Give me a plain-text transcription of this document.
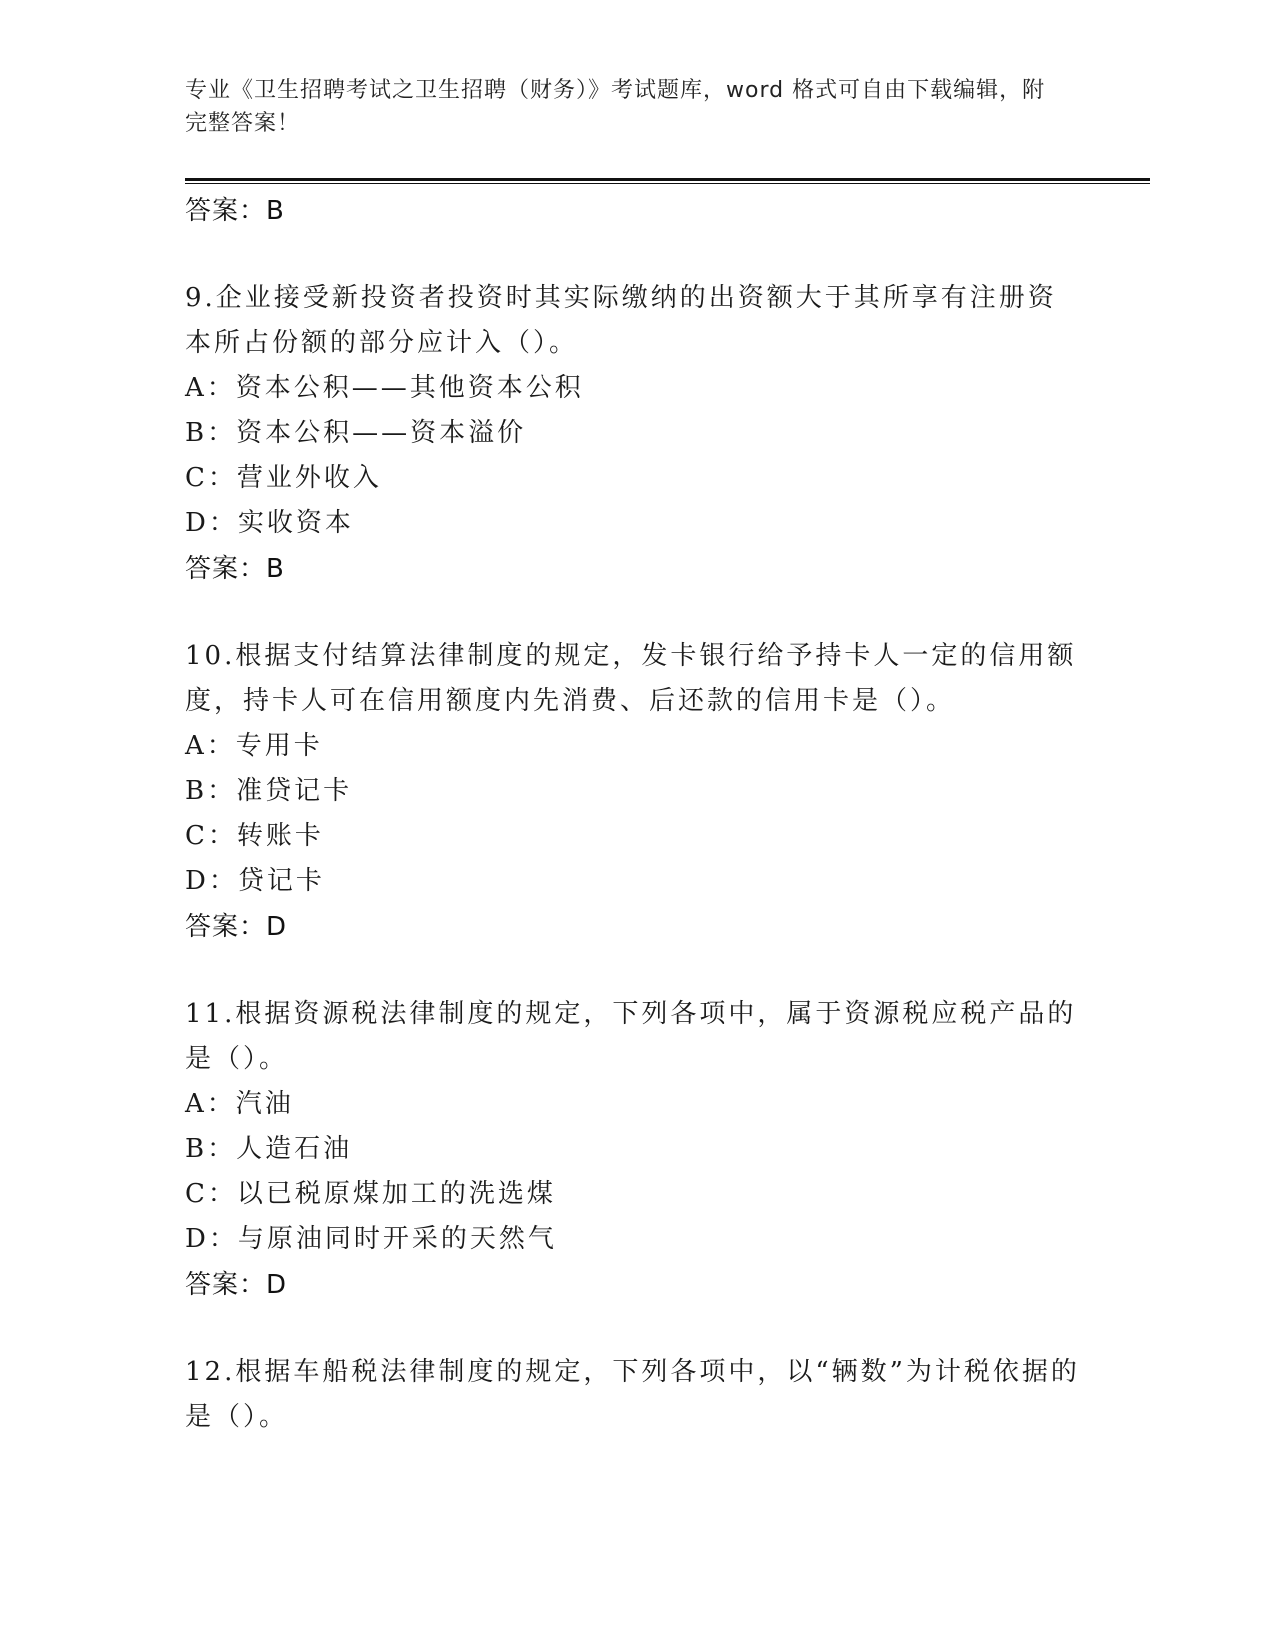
专业《卫生招聘考试之卫生招聘（财务）》考试题库，word 格式可自由下载编辑，附完整答案！
答案：B

9.企业接受新投资者投资时其实际缴纳的出资额大于其所享有注册资本所占份额的部分应计入（）。

A：资本公积——其他资本公积
B：资本公积——资本溢价
C：营业外收入
D：实收资本
答案：B

10.根据支付结算法律制度的规定，发卡银行给予持卡人一定的信用额度，持卡人可在信用额度内先消费、后还款的信用卡是（）。

A：专用卡
B：准贷记卡
C：转账卡
D：贷记卡
答案：D

11.根据资源税法律制度的规定，下列各项中，属于资源税应税产品的是（）。

A：汽油
B：人造石油
C：以已税原煤加工的洗选煤
D：与原油同时开采的天然气
答案：D

12.根据车船税法律制度的规定，下列各项中，以“辆数”为计税依据的是（）。
